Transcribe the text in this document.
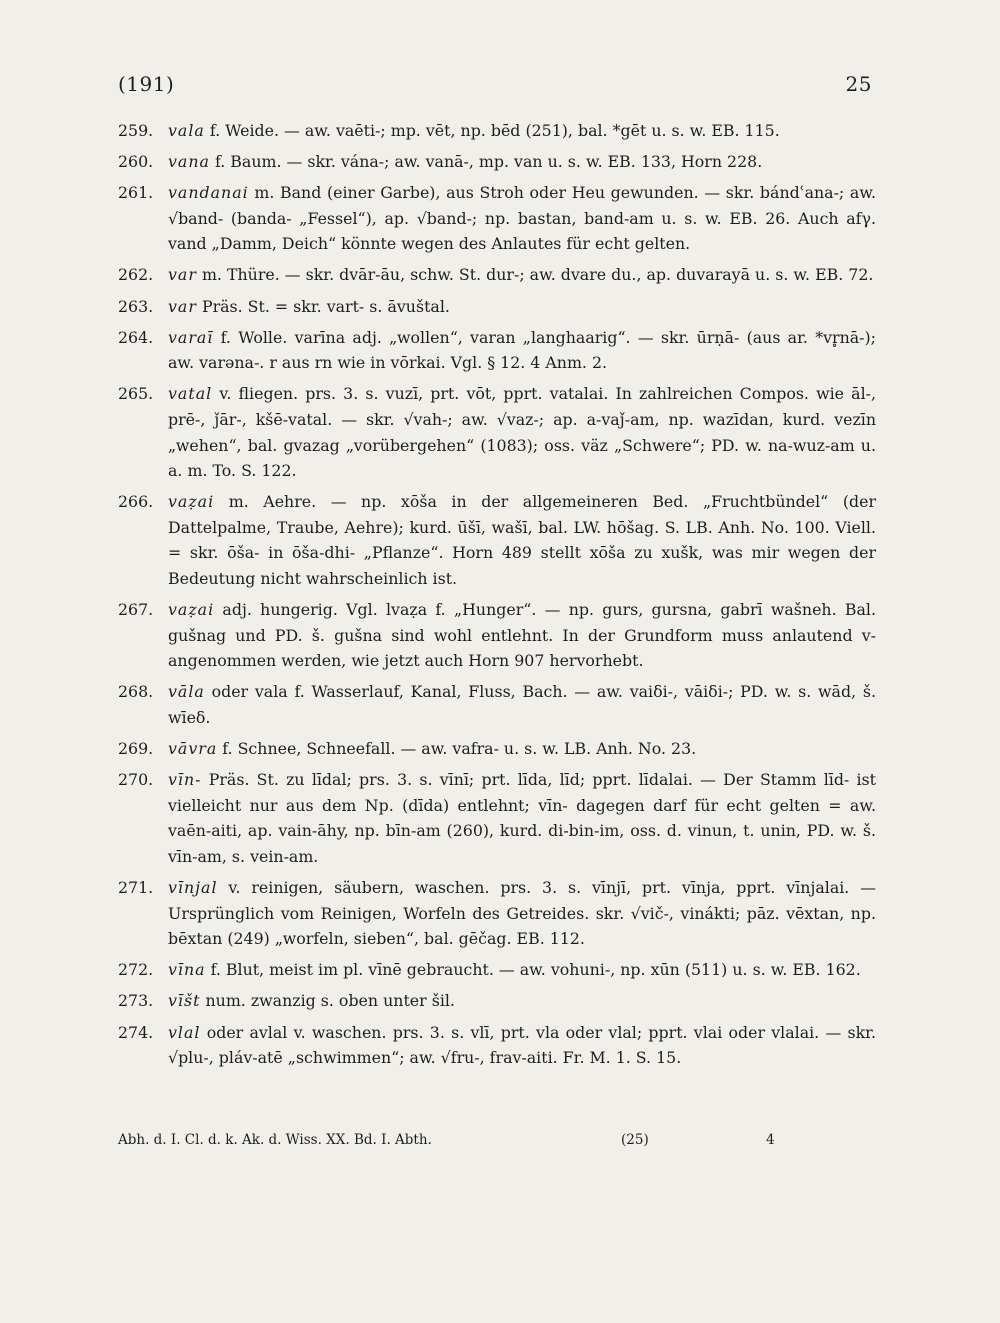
(191)	25
259. vala f. Weide. — aw. vaēti-; mp. vēt, np. bēd (251), bal. *gēt u. s. w. EB. 115.
260. vana f. Baum. — skr. vána-; aw. vanā-, mp. van u. s. w. EB. 133, Horn 228.
261. vandanai m. Band (einer Garbe), aus Stroh oder Heu gewunden. — skr. bándʿana-; aw. √band- (banda- „Fessel“), ap. √band-; np. bastan, band-am u. s. w. EB. 26. Auch afγ. vand „Damm, Deich“ könnte wegen des Anlautes für echt gelten.
262. var m. Thüre. — skr. dvār-āu, schw. St. dur-; aw. dvare du., ap. duvarayā u. s. w. EB. 72.
263. var Präs. St. = skr. vart- s. āvuštal.
264. varaī f. Wolle. varīna adj. „wollen“, varan „langhaarig“. — skr. ūrṇā- (aus ar. *vr̥nā-); aw. varəna-. r aus rn wie in vōrkai. Vgl. § 12. 4 Anm. 2.
265. vatal v. fliegen. prs. 3. s. vuzī, prt. vōt, pprt. vatalai. In zahlreichen Compos. wie āl-, prē-, ǰār-, kšē-vatal. — skr. √vah-; aw. √vaz-; ap. a-vaǰ-am, np. wazīdan, kurd. vezīn „wehen“, bal. gvazag „vorübergehen“ (1083); oss. väz „Schwere“; PD. w. na-wuz-am u. a. m. To. S. 122.
266. vaẓai m. Aehre. — np. xōša in der allgemeineren Bed. „Fruchtbündel“ (der Dattelpalme, Traube, Aehre); kurd. ūšī, wašī, bal. LW. hōšag. S. LB. Anh. No. 100. Viell. = skr. ōša- in ōša-dhi- „Pflanze“. Horn 489 stellt xōša zu xušk, was mir wegen der Bedeutung nicht wahrscheinlich ist.
267. vaẓai adj. hungerig. Vgl. lvaẓa f. „Hunger“. — np. gurs, gursna, gabrī wašneh. Bal. gušnag und PD. š. gušna sind wohl entlehnt. In der Grundform muss anlautend v- angenommen werden, wie jetzt auch Horn 907 hervorhebt.
268. vāla oder vala f. Wasserlauf, Kanal, Fluss, Bach. — aw. vaiδi-, vāiδi-; PD. w. s. wād, š. wīeδ.
269. vāvra f. Schnee, Schneefall. — aw. vafra- u. s. w. LB. Anh. No. 23.
270. vīn- Präs. St. zu līdal; prs. 3. s. vīnī; prt. līda, līd; pprt. līdalai. — Der Stamm līd- ist vielleicht nur aus dem Np. (dīda) entlehnt; vīn- dagegen darf für echt gelten = aw. vaēn-aiti, ap. vain-āhy, np. bīn-am (260), kurd. di-bin-im, oss. d. vinun, t. unin, PD. w. š. vīn-am, s. vein-am.
271. vīnjal v. reinigen, säubern, waschen. prs. 3. s. vīnjī, prt. vīnja, pprt. vīnjalai. — Ursprünglich vom Reinigen, Worfeln des Getreides. skr. √vič-, vinákti; pāz. vēxtan, np. bēxtan (249) „worfeln, sieben“, bal. gēčag. EB. 112.
272. vīna f. Blut, meist im pl. vīnē gebraucht. — aw. vohuni-, np. xūn (511) u. s. w. EB. 162.
273. vīšt num. zwanzig s. oben unter šil.
274. vlal oder avlal v. waschen. prs. 3. s. vlī, prt. vla oder vlal; pprt. vlai oder vlalai. — skr. √plu-, pláv-atē „schwimmen“; aw. √fru-, frav-aiti. Fr. M. 1. S. 15.
Abh. d. I. Cl. d. k. Ak. d. Wiss. XX. Bd. I. Abth.	(25)	4
